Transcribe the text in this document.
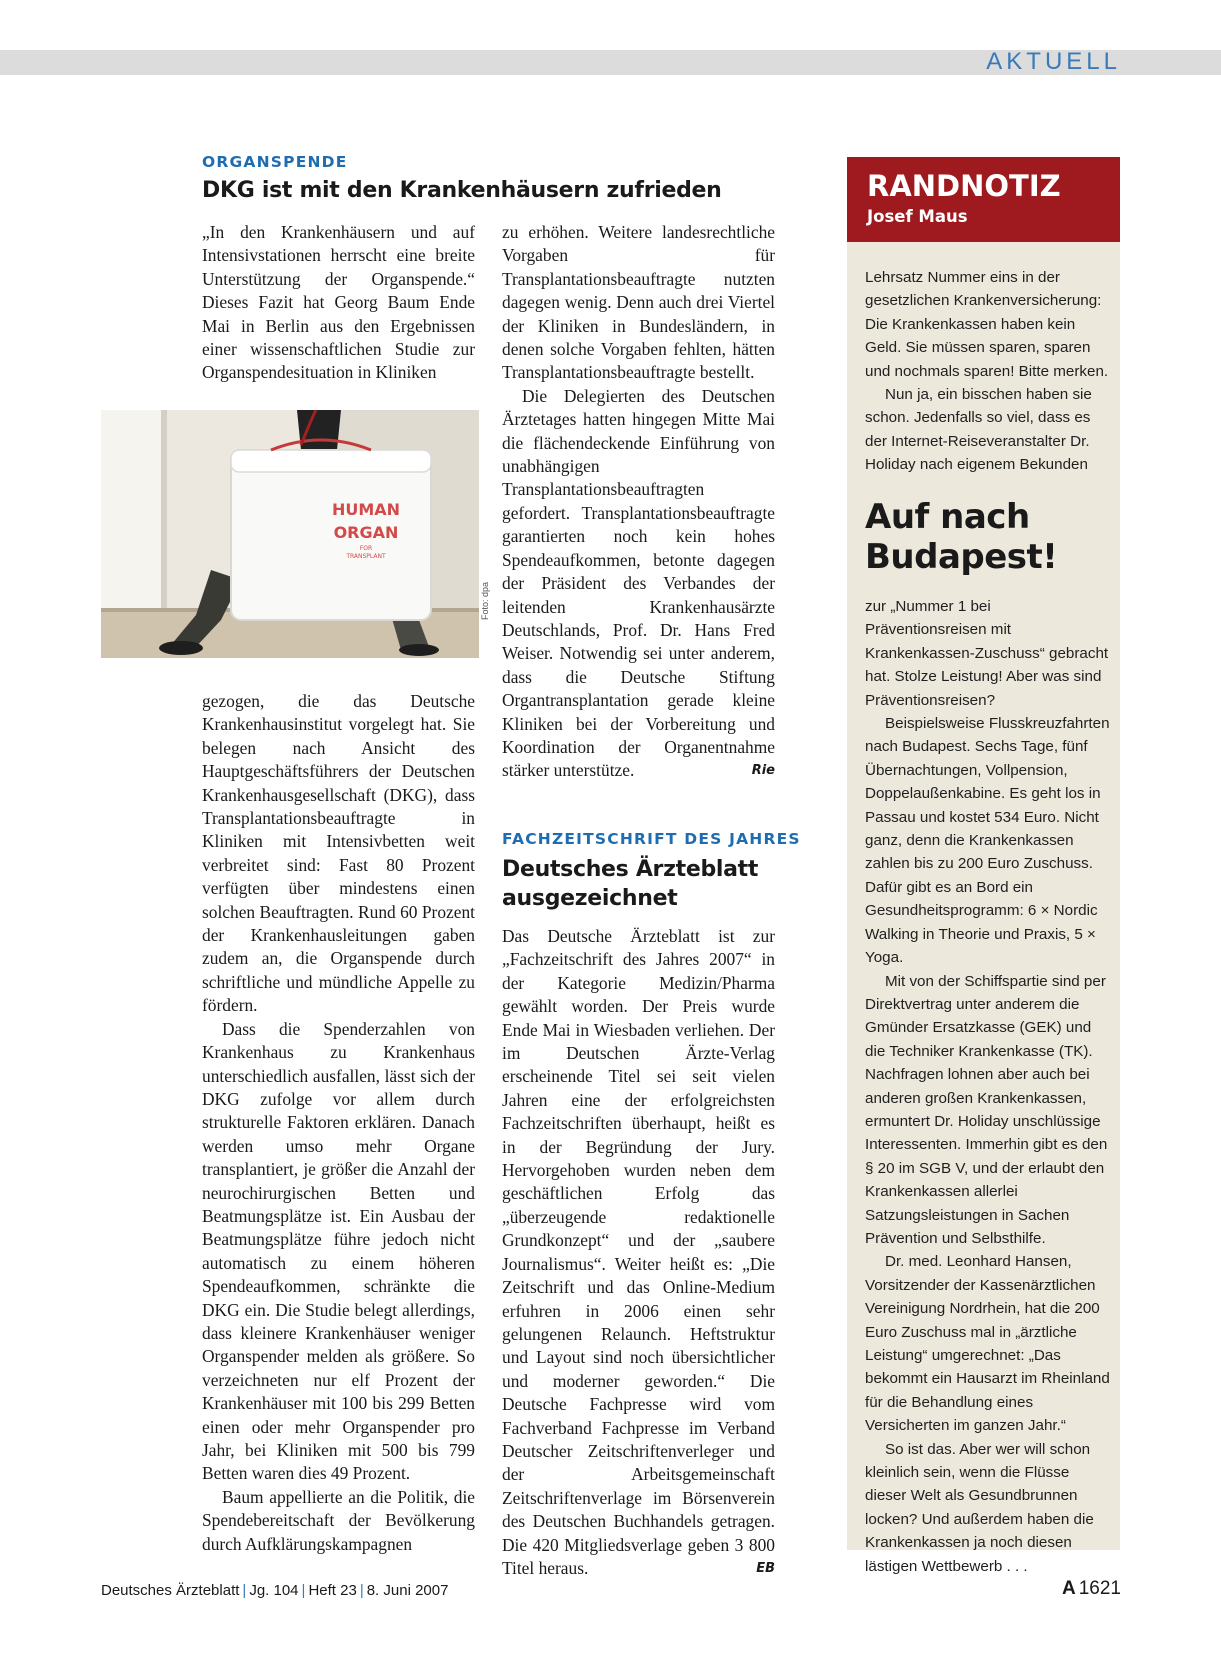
AKTUELL
ORGANSPENDE
DKG ist mit den Krankenhäusern zufrieden

„In den Krankenhäusern und auf Intensivstationen herrscht eine breite Unterstützung der Organspende.“ Dieses Fazit hat Georg Baum Ende Mai in Berlin aus den Ergebnissen einer wissenschaftlichen Studie zur Organspendesituation in Kliniken

HUMAN
ORGAN
FOR
TRANSPLANT
Foto: dpa

gezogen, die das Deutsche Krankenhausinstitut vorgelegt hat. Sie belegen nach Ansicht des Hauptgeschäftsführers der Deutschen Krankenhausgesellschaft (DKG), dass Transplantationsbeauftragte in Kliniken mit Intensivbetten weit verbreitet sind: Fast 80 Prozent verfügten über mindestens einen solchen Beauftragten. Rund 60 Prozent der Krankenhausleitungen gaben zudem an, die Organspende durch schriftliche und mündliche Appelle zu fördern.

Dass die Spenderzahlen von Krankenhaus zu Krankenhaus unterschiedlich ausfallen, lässt sich der DKG zufolge vor allem durch strukturelle Faktoren erklären. Danach werden umso mehr Organe transplantiert, je größer die Anzahl der neurochirurgischen Betten und Beatmungsplätze ist. Ein Ausbau der Beatmungsplätze führe jedoch nicht automatisch zu einem höheren Spendeaufkommen, schränkte die DKG ein. Die Studie belegt allerdings, dass kleinere Krankenhäuser weniger Organspender melden als größere. So verzeichneten nur elf Prozent der Krankenhäuser mit 100 bis 299 Betten einen oder mehr Organspender pro Jahr, bei Kliniken mit 500 bis 799 Betten waren dies 49 Prozent.

Baum appellierte an die Politik, die Spendebereitschaft der Bevölkerung durch Aufklärungskampagnen

zu erhöhen. Weitere landesrechtliche Vorgaben für Transplantationsbeauftragte nutzten dagegen wenig. Denn auch drei Viertel der Kliniken in Bundesländern, in denen solche Vorgaben fehlten, hätten Transplantationsbeauftragte bestellt.

Die Delegierten des Deutschen Ärztetages hatten hingegen Mitte Mai die flächendeckende Einführung von unabhängigen Transplantationsbeauftragten gefordert. Transplantationsbeauftragte garantierten noch kein hohes Spendeaufkommen, betonte dagegen der Präsident des Verbandes der leitenden Krankenhausärzte Deutschlands, Prof. Dr. Hans Fred Weiser. Notwendig sei unter anderem, dass die Deutsche Stiftung Organtransplantation gerade kleine Kliniken bei der Vorbereitung und Koordination der Organentnahme stärker unterstütze.	Rie

FACHZEITSCHRIFT DES JAHRES
Deutsches Ärzteblatt
ausgezeichnet

Das Deutsche Ärzteblatt ist zur „Fachzeitschrift des Jahres 2007“ in der Kategorie Medizin/Pharma gewählt worden. Der Preis wurde Ende Mai in Wiesbaden verliehen. Der im Deutschen Ärzte-Verlag erscheinende Titel sei seit vielen Jahren eine der erfolgreichsten Fachzeitschriften überhaupt, heißt es in der Begründung der Jury. Hervorgehoben wurden neben dem geschäftlichen Erfolg das „überzeugende redaktionelle Grundkonzept“ und der „saubere Journalismus“. Weiter heißt es: „Die Zeitschrift und das Online-Medium erfuhren in 2006 einen sehr gelungenen Relaunch. Heftstruktur und Layout sind noch übersichtlicher und moderner geworden.“ Die Deutsche Fachpresse wird vom Fachverband Fachpresse im Verband Deutscher Zeitschriftenverleger und der Arbeitsgemeinschaft Zeitschriftenverlage im Börsenverein des Deutschen Buchhandels getragen. Die 420 Mitgliedsverlage geben 3 800 Titel heraus.	EB

RANDNOTIZ
Josef Maus

Lehrsatz Nummer eins in der gesetzlichen Krankenversicherung: Die Krankenkassen haben kein Geld. Sie müssen sparen, sparen und nochmals sparen! Bitte merken.

Nun ja, ein bisschen haben sie schon. Jedenfalls so viel, dass es der Internet-Reiseveranstalter Dr. Holiday nach eigenem Bekunden

Auf nach
Budapest!

zur „Nummer 1 bei Präventionsreisen mit Krankenkassen-Zuschuss“ gebracht hat. Stolze Leistung! Aber was sind Präventionsreisen?

Beispielsweise Flusskreuzfahrten nach Budapest. Sechs Tage, fünf Übernachtungen, Vollpension, Doppelaußenkabine. Es geht los in Passau und kostet 534 Euro. Nicht ganz, denn die Krankenkassen zahlen bis zu 200 Euro Zuschuss. Dafür gibt es an Bord ein Gesundheitsprogramm: 6 × Nordic Walking in Theorie und Praxis, 5 × Yoga.

Mit von der Schiffspartie sind per Direktvertrag unter anderem die Gmünder Ersatzkasse (GEK) und die Techniker Krankenkasse (TK). Nachfragen lohnen aber auch bei anderen großen Krankenkassen, ermuntert Dr. Holiday unschlüssige Interessenten. Immerhin gibt es den § 20 im SGB V, und der erlaubt den Krankenkassen allerlei Satzungsleistungen in Sachen Prävention und Selbsthilfe.

Dr. med. Leonhard Hansen, Vorsitzender der Kassenärztlichen Vereinigung Nordrhein, hat die 200 Euro Zuschuss mal in „ärztliche Leistung“ umgerechnet: „Das bekommt ein Hausarzt im Rheinland für die Behandlung eines Versicherten im ganzen Jahr.“

So ist das. Aber wer will schon kleinlich sein, wenn die Flüsse dieser Welt als Gesundbrunnen locken? Und außerdem haben die Krankenkassen ja noch diesen lästigen Wettbewerb . . .

Deutsches Ärzteblatt | Jg. 104 | Heft 23 | 8. Juni 2007	A 1621
